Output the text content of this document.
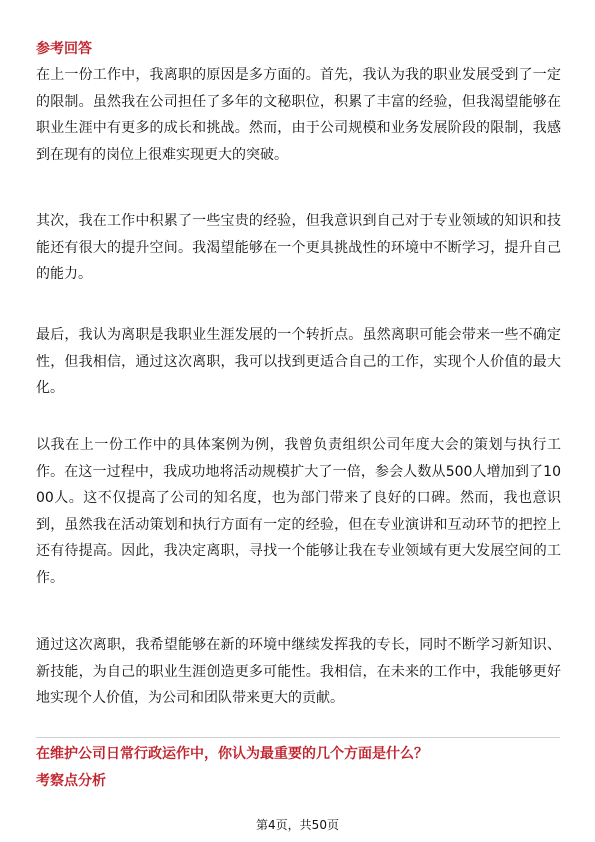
参考回答
在上一份工作中，我离职的原因是多方面的。首先，我认为我的职业发展受到了一定的限制。虽然我在公司担任了多年的文秘职位，积累了丰富的经验，但我渴望能够在职业生涯中有更多的成长和挑战。然而，由于公司规模和业务发展阶段的限制，我感到在现有的岗位上很难实现更大的突破。
其次，我在工作中积累了一些宝贵的经验，但我意识到自己对于专业领域的知识和技能还有很大的提升空间。我渴望能够在一个更具挑战性的环境中不断学习，提升自己的能力。
最后，我认为离职是我职业生涯发展的一个转折点。虽然离职可能会带来一些不确定性，但我相信，通过这次离职，我可以找到更适合自己的工作，实现个人价值的最大化。
以我在上一份工作中的具体案例为例，我曾负责组织公司年度大会的策划与执行工作。在这一过程中，我成功地将活动规模扩大了一倍，参会人数从500人增加到了1000人。这不仅提高了公司的知名度，也为部门带来了良好的口碑。然而，我也意识到，虽然我在活动策划和执行方面有一定的经验，但在专业演讲和互动环节的把控上还有待提高。因此，我决定离职，寻找一个能够让我在专业领域有更大发展空间的工作。
通过这次离职，我希望能够在新的环境中继续发挥我的专长，同时不断学习新知识、新技能，为自己的职业生涯创造更多可能性。我相信，在未来的工作中，我能够更好地实现个人价值，为公司和团队带来更大的贡献。
在维护公司日常行政运作中，你认为最重要的几个方面是什么？
考察点分析
第4页，共50页
